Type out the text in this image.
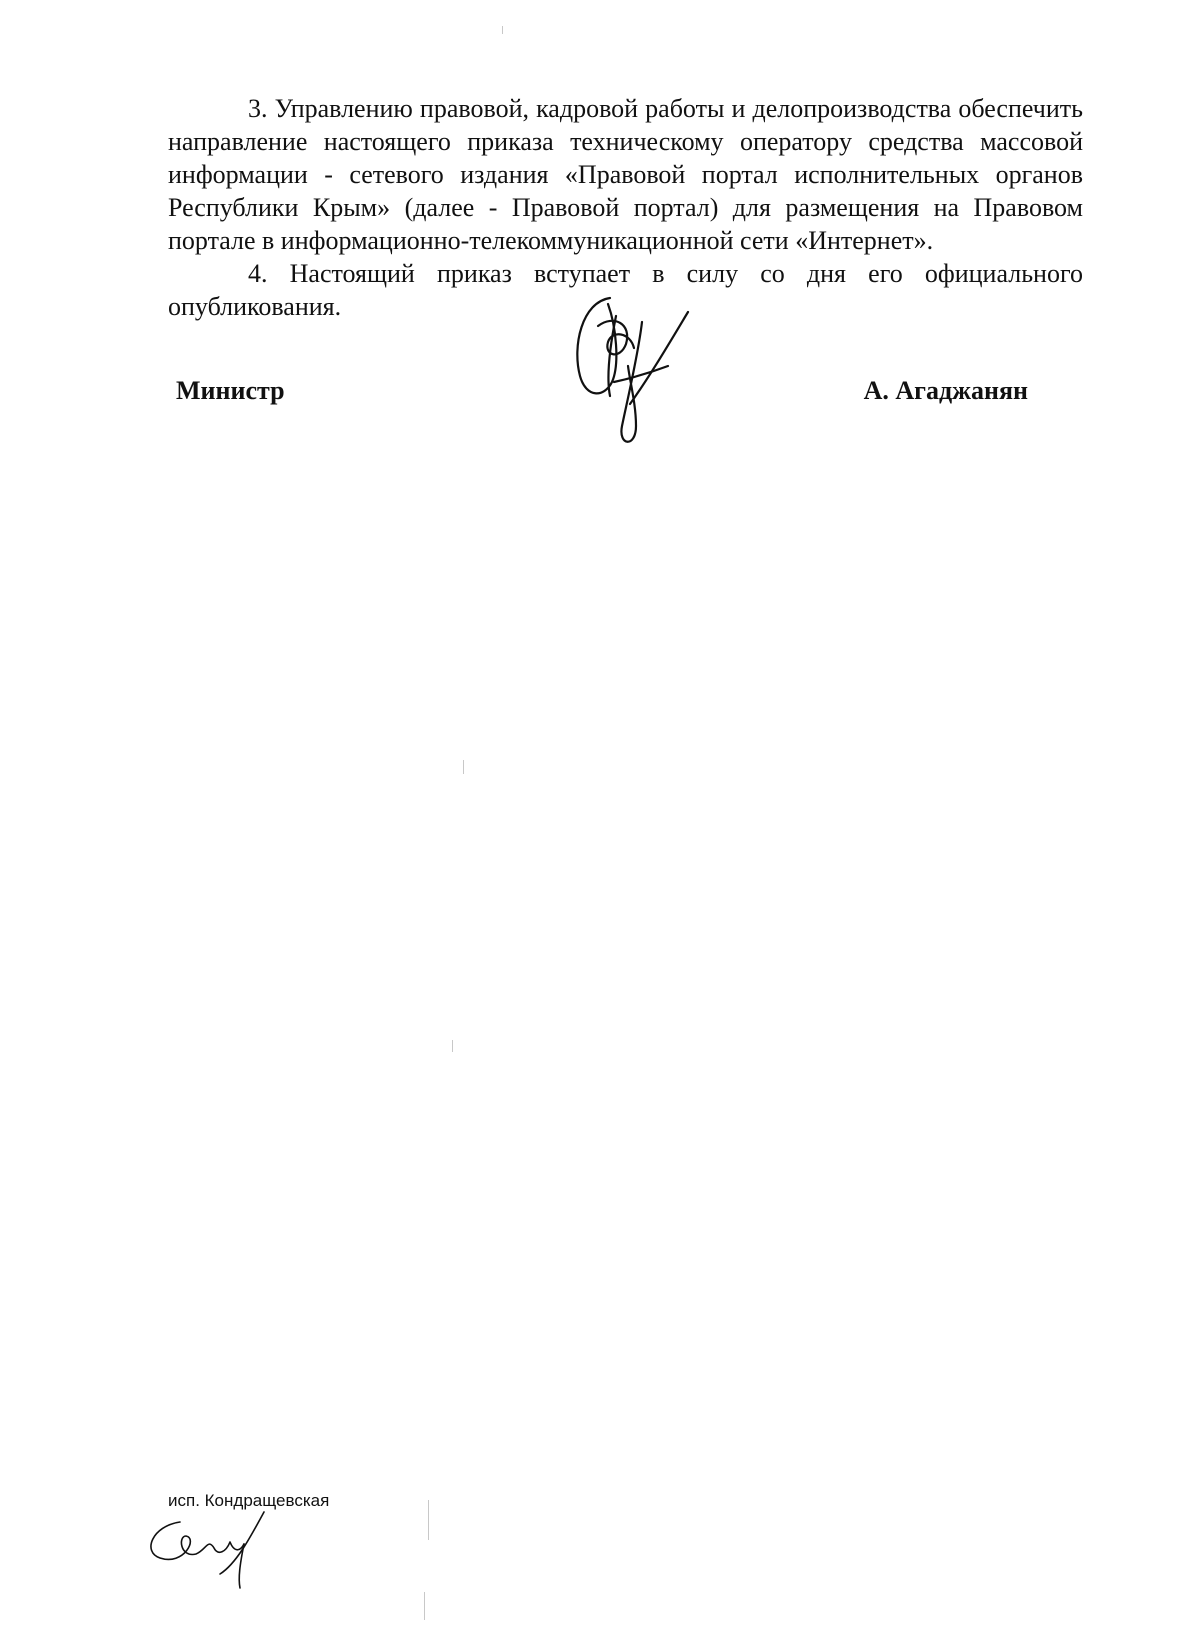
3. Управлению правовой, кадровой работы и делопроизводства обеспечить направление настоящего приказа техническому оператору средства массовой информации - сетевого издания «Правовой портал исполнительных органов Республики Крым» (далее - Правовой портал) для размещения на Правовом портале в информационно-телекоммуникационной сети «Интернет».

4. Настоящий приказ вступает в силу со дня его официального опубликования.

Министр	А. Агаджанян
исп. Кондращевская
